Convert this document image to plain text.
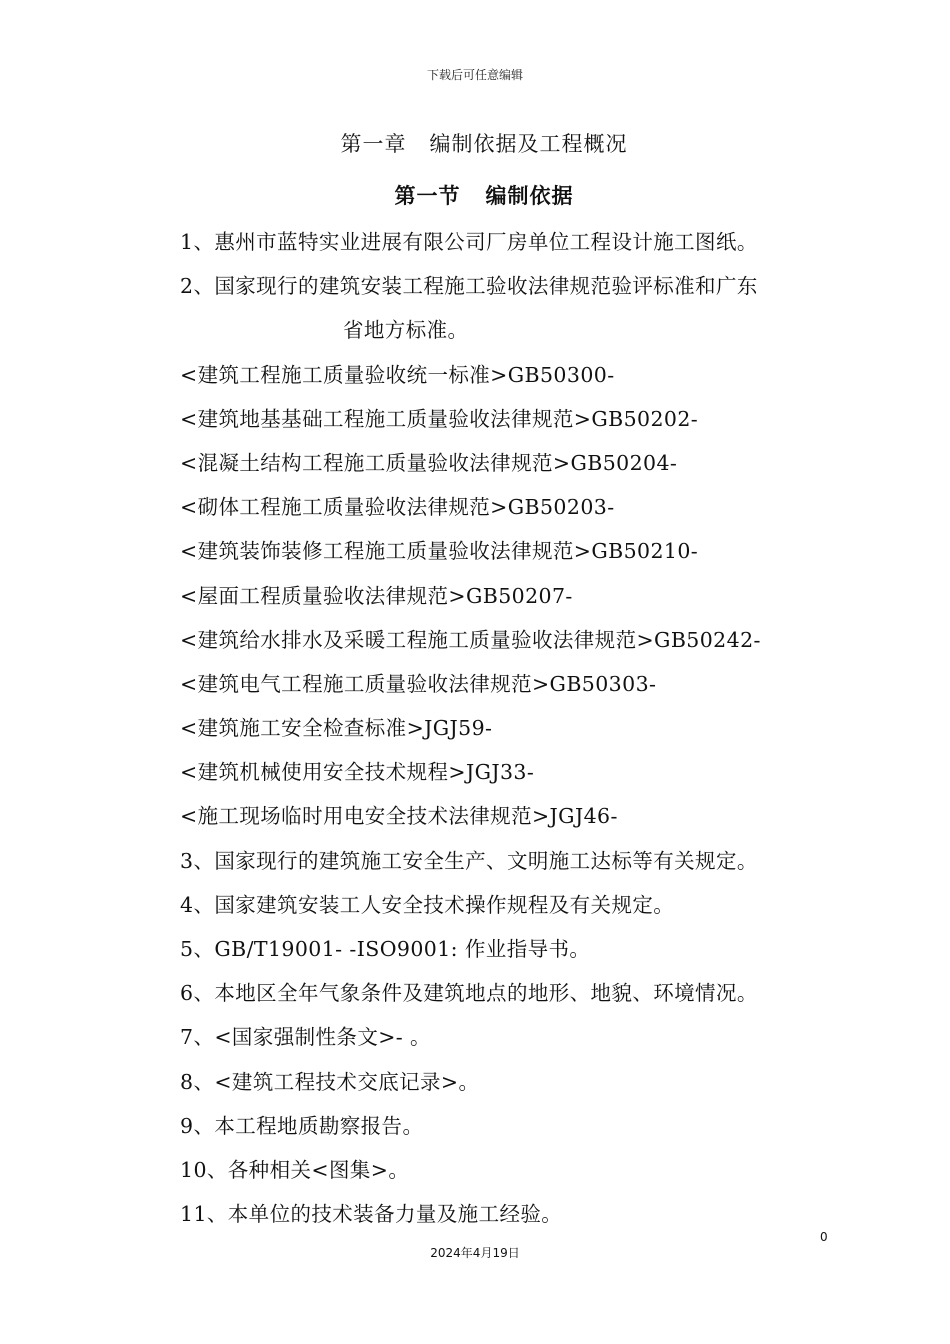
下载后可任意编辑
第一章   编制依据及工程概况
第一节   编制依据
1、惠州市蓝特实业进展有限公司厂房单位工程设计施工图纸。
2、国家现行的建筑安装工程施工验收法律规范验评标准和广东
省地方标准。
<建筑工程施工质量验收统一标准>GB50300-
<建筑地基基础工程施工质量验收法律规范>GB50202-
<混凝土结构工程施工质量验收法律规范>GB50204-
<砌体工程施工质量验收法律规范>GB50203-
<建筑装饰装修工程施工质量验收法律规范>GB50210-
<屋面工程质量验收法律规范>GB50207-
<建筑给水排水及采暖工程施工质量验收法律规范>GB50242-
<建筑电气工程施工质量验收法律规范>GB50303-
<建筑施工安全检查标准>JGJ59-
<建筑机械使用安全技术规程>JGJ33-
<施工现场临时用电安全技术法律规范>JGJ46-
3、国家现行的建筑施工安全生产、文明施工达标等有关规定。
4、国家建筑安装工人安全技术操作规程及有关规定。
5、GB/T19001- -ISO9001: 作业指导书。
6、本地区全年气象条件及建筑地点的地形、地貌、环境情况。
7、<国家强制性条文>- 。
8、<建筑工程技术交底记录>。
9、本工程地质勘察报告。
10、各种相关<图集>。
11、本单位的技术装备力量及施工经验。
0
2024年4月19日
